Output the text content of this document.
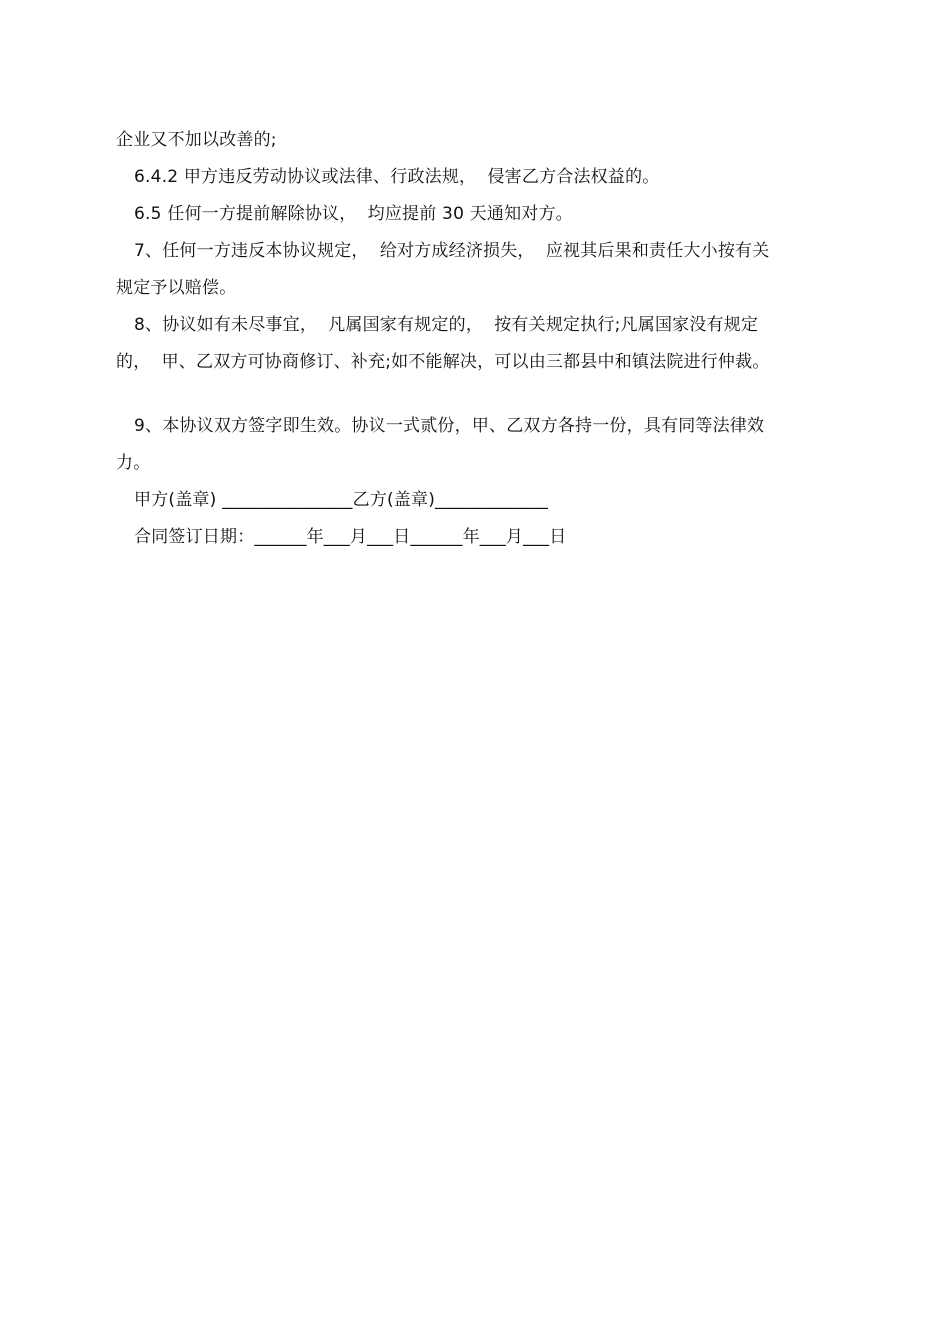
企业又不加以改善的;
6.4.2 甲方违反劳动协议或法律、行政法规，  侵害乙方合法权益的。
6.5 任何一方提前解除协议，  均应提前 30 天通知对方。
7、任何一方违反本协议规定，  给对方成经济损失，  应视其后果和责任大小按有关
规定予以赔偿。
8、协议如有未尽事宜，  凡属国家有规定的，  按有关规定执行;凡属国家没有规定
的，  甲、乙双方可协商修订、补充;如不能解决，可以由三都县中和镇法院进行仲裁。
9、本协议双方签字即生效。协议一式贰份，甲、乙双方各持一份，具有同等法律效
力。
甲方(盖章) _______________乙方(盖章)_____________
合同签订日期：______年___月___日______年___月___日
